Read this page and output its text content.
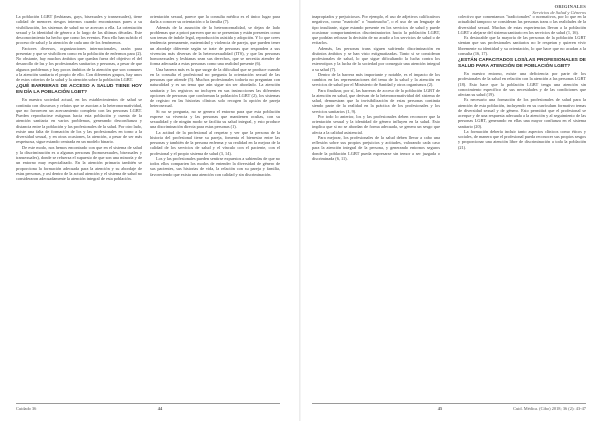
ORIGINALES
Servicios de Salud y Géneros

La población LGBT (lesbianas, gays, bisexuales y transexuales), tiene calidad de menores riesgos internos cuando encontramos pares a su visibilización, los sistemas de salud no se acercan a ella. La orientación sexual y la identidad de género a lo largo de las últimas décadas. Este desconocimiento ha hecho que como los eventos. Para ello han sufrido el proceso de salud y la atención de cada uno de los fenómenos.

Factores diversos, organizaciones internacionales, razón para presentar y que se visibilicen como en la población de enfermos para (2). No obstante, hay muchos ámbitos que quedan fuera del objetivo el del desarrollo de las y los profesionales sanitarios y personas, a pesar de que algunos problemas y hay pocos ámbitos de la atención que son comunes a la atención sanitaria el propio de ello. Con diferentes grupos, hay unos de estos criterios de la salud y la atención sobre la población LGBT.

¿QUÉ BARRERAS DE ACCESO A SALUD TIENE HOY EN DÍA LA POBLACIÓN LGBT?

En nuestra sociedad actual, en los establecimientos de salud se continúa con discursos y relatos que se asocian a la heteronormatividad, que no favorecen un acercamiento completo con las personas LGBT. Pueden reproducirse estigmas hacia esta población y cuenta de la atención sanitaria en varios problemas, generando desconfianza y distancia entre la población y las profesionales de la salud. Por otro lado, existe una falta de formación de los y las profesionales en torno a la diversidad sexual, y en otras ocasiones, la atención, a pesar de ser más respetuosa, sigue estando centrada en un modelo binario.

De este modo, nos hemos encontrado con que en el sistema de salud y la discriminación es a algunas personas (homosexuales, bisexuales y transexuales), donde se refuerza el supuesto de que son una minoría y de un entorno muy especializado. En la atención primaria también se proporciona la formación adecuada para la atención y su abordaje de estas personas, y así dentro de la actual atención y el sistema de salud no consideraron adecuadamente la atención integral de esta población.

orientación sexual, parece que la consulta médica es el único lugar para darla a conocer su orientación o la familia (7).

Además de la asunción de la heteronormalidad, se dejan de lado problemas que a priori parecen que no se presentan y están presentes como son temas de índole legal, reproducción asistida y adopción. Y lo que crees tendencia permanente, maternidad y violencia de pareja, que pueden tener un abordaje diferente según se trate de personas que responden a sus vivencias más diversas de la heterosexualidad (ITS), y que las personas homosexuales y lesbianas sean sus derechos, que se necesita atender de forma adecuada a estas personas como una realidad presente (6).

Una barrera más es la que surge de la dificultad que se produce cuando en la consulta el profesional no pregunta la orientación sexual de las personas que atiende (5). Muchos profesionales todavía no preguntan con naturalidad y es un tema que aún sigue sin ser abordado. La atención sanitaria y los registros no incluyen en sus instrucciones las diferentes opciones de personas que conforman la población LGBT (2), los sistemas de registro en las historias clínicas solo recogen la opción de pareja heterosexual.

Si no se pregunta, no se genera el entorno para que esta población exprese su vivencia y las personas que mantienen ocultas, con su sexualidad y de ningún modo se facilita su salud integral, y esto produce una discriminación directa para estas personas (1).

La actitud de la profesional al respetar y ver que la persona de la historia del profesional tiene su pareja, fomenta el bienestar entre las personas y también de la persona enferma y su realidad en la mejora de la calidad de los servicios de salud y el vínculo con el paciente, con el profesional y el propio sistema de salud (3, 14).

Los y las profesionales pueden sentirse expuestos a sabiendas de que no todos ellos comparten los modos de entender la diversidad de género de sus pacientes, sus historias de vida, la relación con su pareja y familia, favoreciendo que exista una atención con calidad y sin discriminación.

inapropiados y prejuiciosos. Por ejemplo, el uso de adjetivos calificativos negativos, como "maricón" o "marimacho", o el uso de un lenguaje de tipo insultante, sigue estando presente en los servicios de salud y puede ocasionar comportamientos discriminatorios hacia la población LGBT, que podrían reforzar la decisión de no acudir a los servicios de salud o de evitarlos.

Además, las personas trans siguen sufriendo discriminación en distintos ámbitos y se han visto estigmatizadas. Tanto si se consideran profesionales de salud, lo que sigue dificultando la lucha contra los estereotipos y la lucha de la sociedad por conseguir una atención integral a su salud (7).

Dentro de la barrera más importante y notable, es el impacto de los cambios en las representaciones del tema de la salud y la atención en servicios de salud por el Ministerio de Sanidad y otros organismos (2).

Para finalizar, por sí, las barreras de acceso de la población LGBT de la atención en salud, que derivan de la heteronormatividad del sistema de salud, demuestran que la invisibilización de estas personas continúa siendo parte de la realidad en la práctica de los profesionales y los servicios sanitarios (1, 9).

Por todo lo anterior, los y las profesionales deben reconocer que la orientación sexual y la identidad de género influyen en la salud. Esto implica que si no se abordan de forma adecuada, se genera un sesgo que afecta a la calidad asistencial.

Para mejorar, los profesionales de la salud deben llevar a cabo una reflexión sobre sus propios prejuicios y actitudes, valorando cada caso para la atención integral de la persona, y generando entornos seguros donde la población LGBT pueda expresarse sin temor a ser juzgada o discriminada (6, 11).

colectivo que comentamos "tradicionales" o normativos, por lo que en la actualidad tampoco se consideran las personas trans o las realidades de la diversidad sexual. Muchas de estas experiencias llevan a la población LGBT a alejarse del sistema sanitario en los servicios de salud (1, 16).

Es destacable que la mayoría de las personas de la población LGBT sientan que sus profesionales sanitarios no le respetan y quieren vivir libremente su identidad y su orientación, lo que hace que no acudan a la consulta (16, 17).

¿ESTÁN CAPACITADOS LOS/LAS PROFESIONALES DE SALUD PARA ATENCIÓN DE POBLACIÓN LGBT?

En nuestro entorno, existe una deficiencia por parte de los profesionales de la salud en relación con la atención a las personas LGBT (18). Esto hace que la población LGBT tenga una atención sin conocimiento específico de sus necesidades y de las condiciones que afectan su salud (19).

Es necesario una formación de los profesionales de salud para la atención de esta población, incluyendo en su currículum formativo temas de diversidad sexual y de género. Esto permitirá que el profesional se acerque y de una respuesta adecuada a la atención y al seguimiento de las personas LGBT, generando en ellas una mayor confianza en el sistema sanitario (20).

La formación debería incluir tanto aspectos clínicos como éticos y sociales, de manera que el profesional pueda reconocer sus propios sesgos y proporcionar una atención libre de discriminación a toda la población (21).

Cuidado 36	44	45	Cuid. Médica. (Cibo) 2018; 36 (2): 43-47
